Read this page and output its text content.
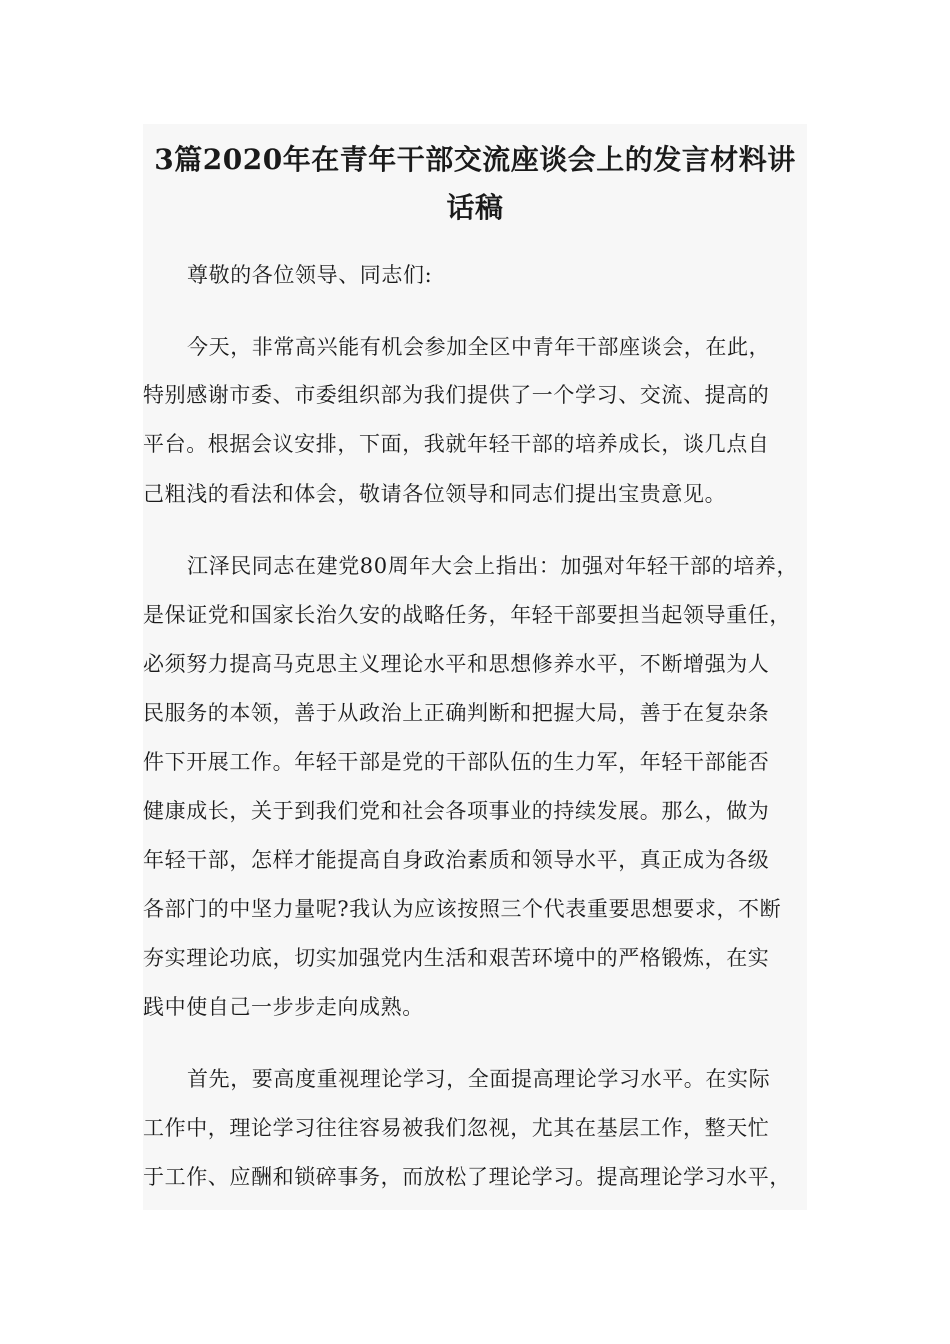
3篇2020年在青年干部交流座谈会上的发言材料讲
话稿
尊敬的各位领导、同志们:
今天，非常高兴能有机会参加全区中青年干部座谈会，在此，
特别感谢市委、市委组织部为我们提供了一个学习、交流、提高的
平台。根据会议安排，下面，我就年轻干部的培养成长，谈几点自
己粗浅的看法和体会，敬请各位领导和同志们提出宝贵意见。
江泽民同志在建党80周年大会上指出：加强对年轻干部的培养，
是保证党和国家长治久安的战略任务，年轻干部要担当起领导重任，
必须努力提高马克思主义理论水平和思想修养水平，不断增强为人
民服务的本领，善于从政治上正确判断和把握大局，善于在复杂条
件下开展工作。年轻干部是党的干部队伍的生力军，年轻干部能否
健康成长，关于到我们党和社会各项事业的持续发展。那么，做为
年轻干部，怎样才能提高自身政治素质和领导水平，真正成为各级
各部门的中坚力量呢?我认为应该按照三个代表重要思想要求，不断
夯实理论功底，切实加强党内生活和艰苦环境中的严格锻炼，在实
践中使自己一步步走向成熟。
首先，要高度重视理论学习，全面提高理论学习水平。在实际
工作中，理论学习往往容易被我们忽视，尤其在基层工作，整天忙
于工作、应酬和锁碎事务，而放松了理论学习。提高理论学习水平，
